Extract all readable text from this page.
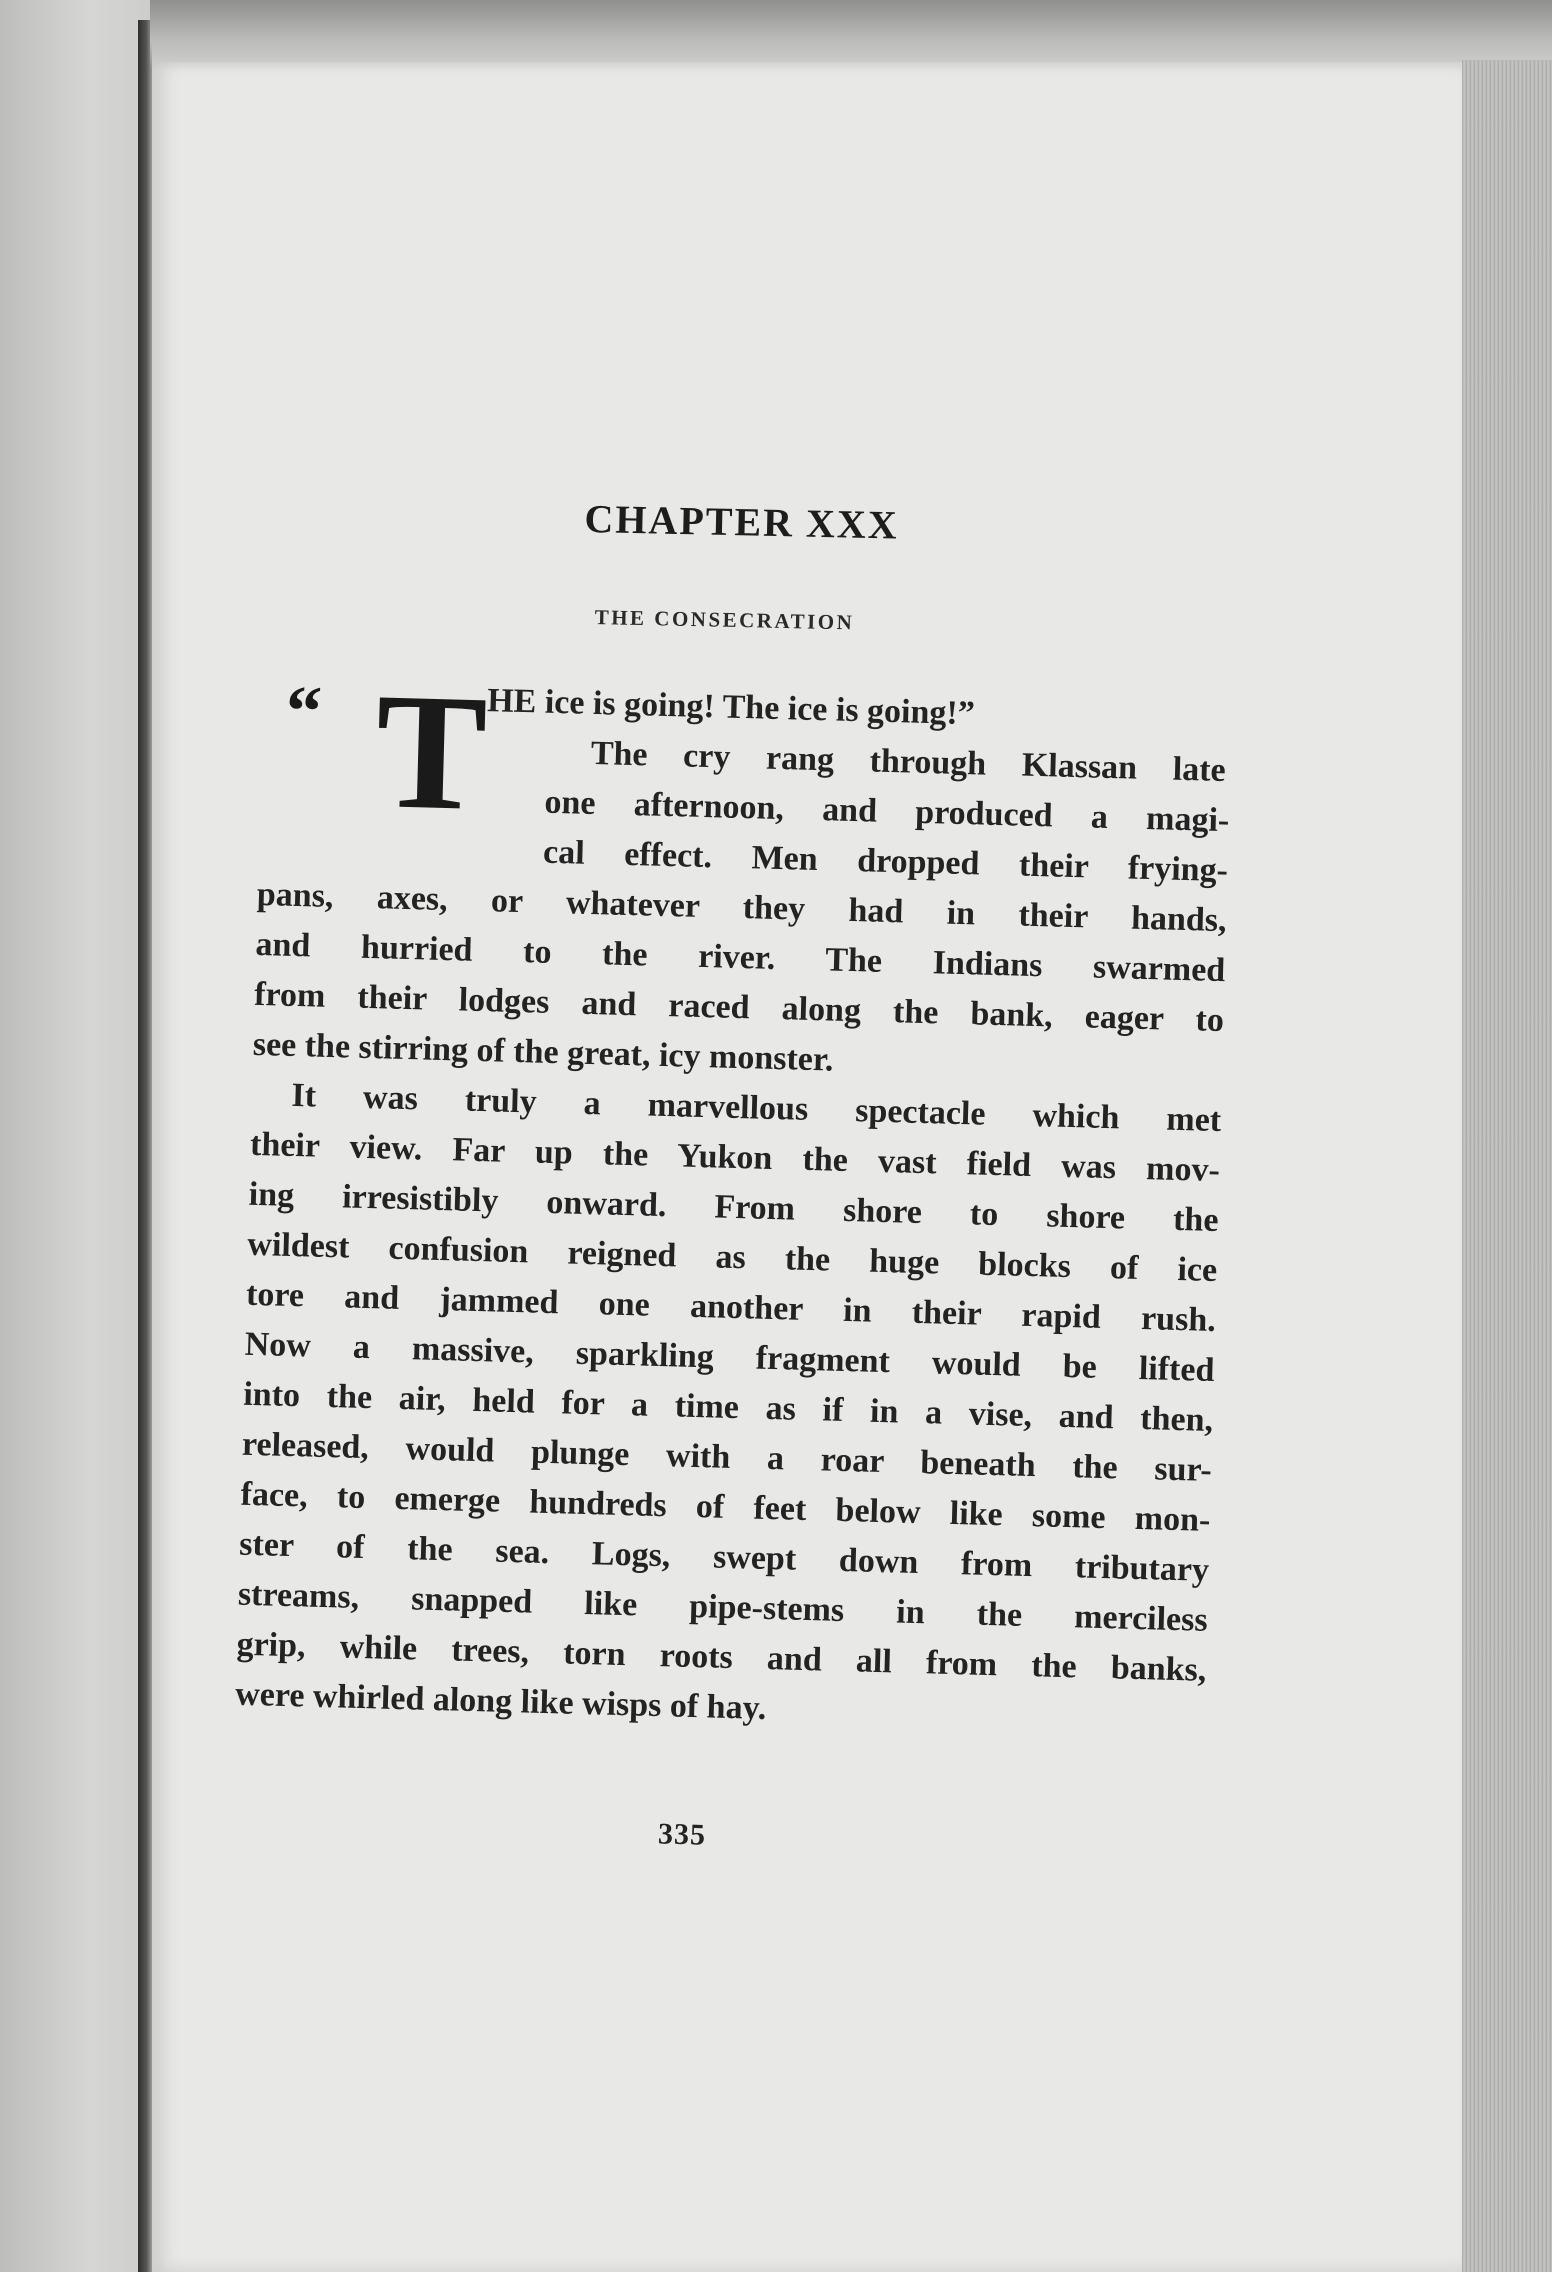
CHAPTER XXX
THE CONSECRATION
“ T
HE ice is going! The ice is going!”
The cry rang through Klassan late
one afternoon, and produced a magi-
cal effect. Men dropped their frying-
pans, axes, or whatever they had in their hands,
and hurried to the river. The Indians swarmed
from their lodges and raced along the bank, eager to
see the stirring of the great, icy monster.
It was truly a marvellous spectacle which met
their view. Far up the Yukon the vast field was mov-
ing irresistibly onward. From shore to shore the
wildest confusion reigned as the huge blocks of ice
tore and jammed one another in their rapid rush.
Now a massive, sparkling fragment would be lifted
into the air, held for a time as if in a vise, and then,
released, would plunge with a roar beneath the sur-
face, to emerge hundreds of feet below like some mon-
ster of the sea. Logs, swept down from tributary
streams, snapped like pipe-stems in the merciless
grip, while trees, torn roots and all from the banks,
were whirled along like wisps of hay.
335
